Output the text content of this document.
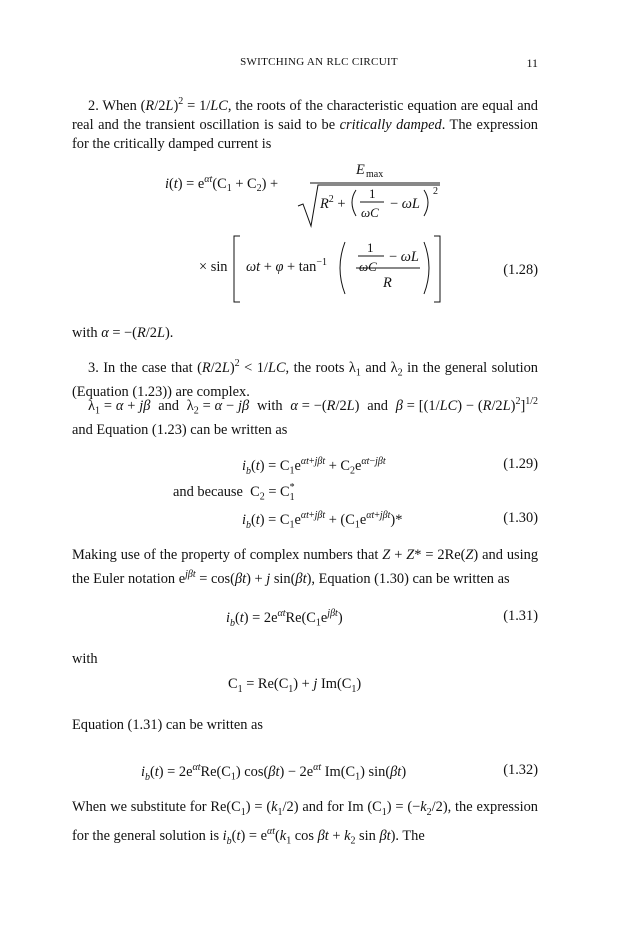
SWITCHING AN RLC CIRCUIT	11
2. When $(R/2L)^2 = 1/LC$, the roots of the characteristic equation are equal and real and the transient oscillation is said to be critically damped. The expression for the critically damped current is
$i(t) = e^{\alpha t}(C_1 + C_2)$ +
E max
$R^2$ +
1
ωC
− ωL
2
× $\sin \omega t + \varphi + \tan^{-1}$
1
ωC
− ωL
R
(1.28)
with α = −(R/2L).
3. In the case that $(R/2L)^2 < 1/LC$, the roots $\lambda_1$ and $\lambda_2$ in the general solution (Equation (1.23)) are complex.
$\lambda_1 = \alpha + j\beta$  and  $\lambda_2 = \alpha - j\beta$  with  α = −(R/2L)  and  $\beta = [(1/LC) - (R/2L)^2]^{1/2}$ and Equation (1.23) can be written as
$i_b(t) = C_1e^{\alpha t+j\beta t} + C_2e^{\alpha t-j\beta t}$	(1.29)
and because  $C_2 = C^*_1$
$i_b(t) = C_1e^{\alpha t+j\beta t} + (C_1e^{\alpha t+j\beta t})*$	(1.30)
Making use of the property of complex numbers that Z + Z* = 2Re(Z) and using the Euler notation $e^{j\beta t} = \cos(\beta t) + j$ sin(βt), Equation (1.30) can be written as
$i_b(t) = 2e^{\alpha t}Re(C_1e^{j\beta t})$	(1.31)
with
$C_1 = Re(C_1) + j$ $Im(C_1)$
Equation (1.31) can be written as
$i_b(t) = 2e^{\alpha t}Re(C_1) \cos(\beta t) - 2e^{\alpha t}$ $Im(C_1)$ sin(βt)	(1.32)
When we substitute for $Re(C_1) = (k_1/2)$ and for Im $(C_1) = (-k_2/2)$, the expression for the general solution is $i_b(t) = e^{\alpha t}(k_1$ $\cos \beta t + k_2$ sin βt). The
